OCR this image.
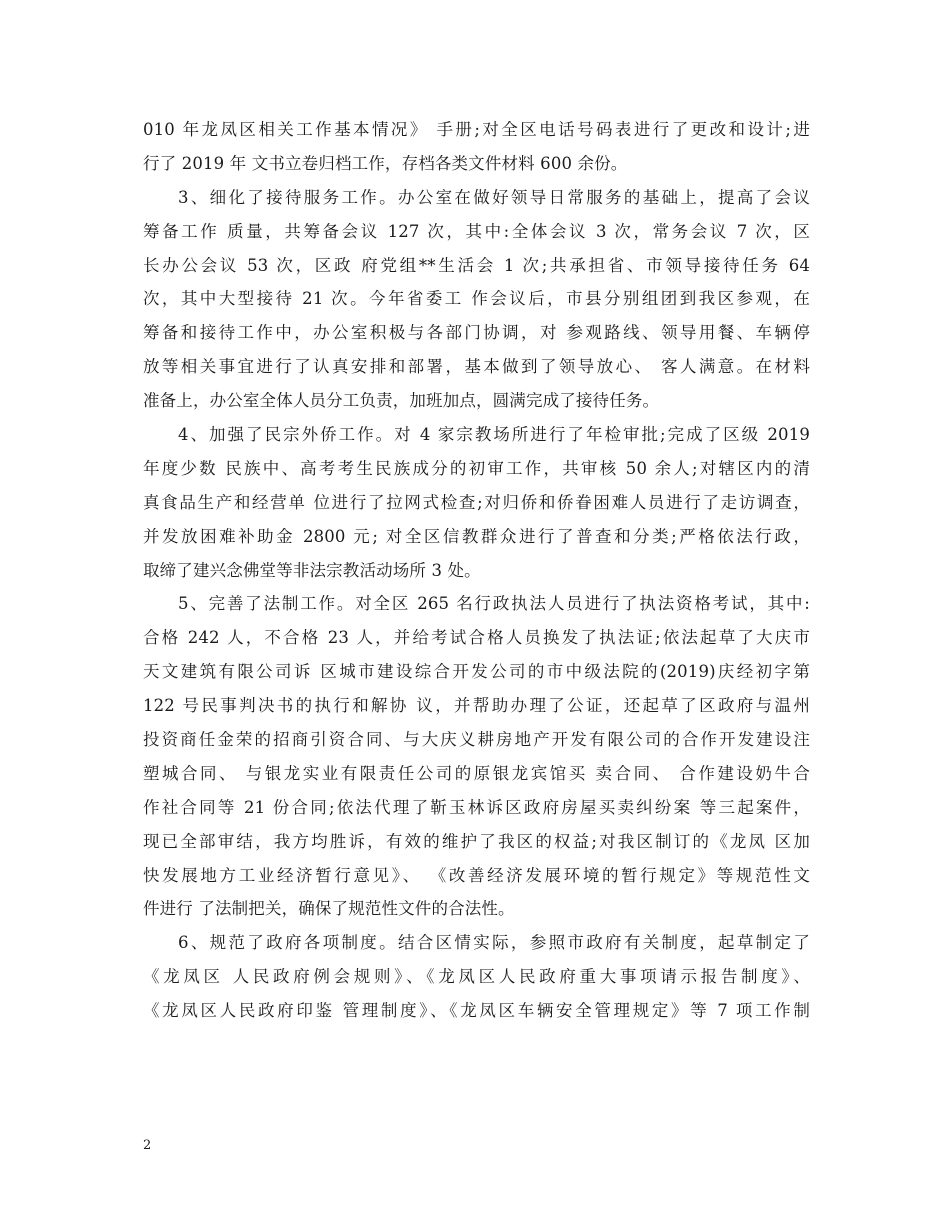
010 年龙凤区相关工作基本情况》 手册;对全区电话号码表进行了更改和设计;进
行了 2019 年 文书立卷归档工作，存档各类文件材料 600 余份。
3、细化了接待服务工作。办公室在做好领导日常服务的基础上，提高了会议
筹备工作 质量，共筹备会议 127 次，其中:全体会议 3 次，常务会议 7 次，区
长办公会议 53 次，区政 府党组**生活会 1 次;共承担省、市领导接待任务 64
次，其中大型接待 21 次。今年省委工 作会议后，市县分别组团到我区参观，在
筹备和接待工作中，办公室积极与各部门协调，对 参观路线、领导用餐、车辆停
放等相关事宜进行了认真安排和部署，基本做到了领导放心、 客人满意。在材料
准备上，办公室全体人员分工负责，加班加点，圆满完成了接待任务。
4、加强了民宗外侨工作。对 4 家宗教场所进行了年检审批;完成了区级 2019
年度少数 民族中、高考考生民族成分的初审工作，共审核 50 余人;对辖区内的清
真食品生产和经营单 位进行了拉网式检查;对归侨和侨眷困难人员进行了走访调查，
并发放困难补助金 2800 元; 对全区信教群众进行了普查和分类;严格依法行政，
取缔了建兴念佛堂等非法宗教活动场所 3 处。
5、完善了法制工作。对全区 265 名行政执法人员进行了执法资格考试，其中:
合格 242 人，不合格 23 人，并给考试合格人员换发了执法证;依法起草了大庆市
天文建筑有限公司诉 区城市建设综合开发公司的市中级法院的(2019)庆经初字第
122 号民事判决书的执行和解协 议，并帮助办理了公证，还起草了区政府与温州
投资商任金荣的招商引资合同、与大庆义耕房地产开发有限公司的合作开发建设注
塑城合同、 与银龙实业有限责任公司的原银龙宾馆买 卖合同、 合作建设奶牛合
作社合同等 21 份合同;依法代理了靳玉林诉区政府房屋买卖纠纷案 等三起案件，
现已全部审结，我方均胜诉，有效的维护了我区的权益;对我区制订的《龙凤 区加
快发展地方工业经济暂行意见》、 《改善经济发展环境的暂行规定》等规范性文
件进行 了法制把关，确保了规范性文件的合法性。
6、规范了政府各项制度。结合区情实际，参照市政府有关制度，起草制定了
《龙凤区 人民政府例会规则》、《龙凤区人民政府重大事项请示报告制度》、
《龙凤区人民政府印鉴 管理制度》、《龙凤区车辆安全管理规定》等 7 项工作制
2
